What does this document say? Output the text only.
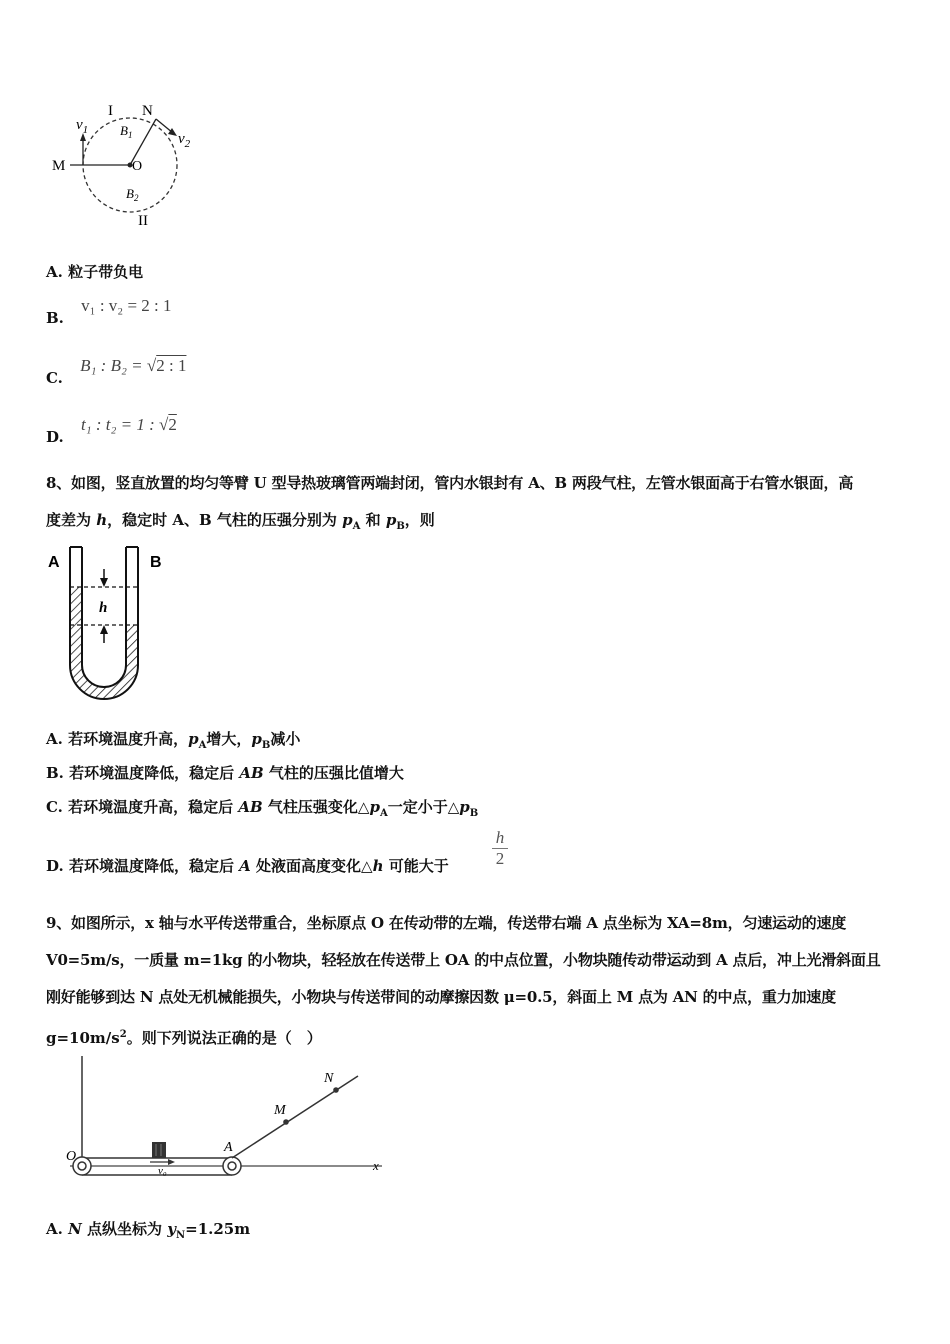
I N
$v_1$ $B_1$	$v_2$
M	O
$B_2$
II
A. 粒子带负电
B. v₁ : v₂ = 2 : 1
C. B₁ : B₂ = √2 : 1
D. t₁ : t₂ = 1 : √2
8、如图，竖直放置的均匀等臂 U 型导热玻璃管两端封闭，管内水银封有 A、B 两段气柱，左管水银面高于右管水银面，高
度差为 h，稳定时 A、B 气柱的压强分别为 $p_A$ 和 $p_B$，则
h
A	B
A. 若环境温度升高，$p_A$增大，$p_B$减小
B. 若环境温度降低，稳定后 AB 气柱的压强比值增大
C. 若环境温度升高，稳定后 AB 气柱压强变化$\triangle p_A$一定小于$\triangle p_B$
D. 若环境温度降低，稳定后 A 处液面高度变化△h 可能大于
h
2
9、如图所示，x 轴与水平传送带重合，坐标原点 O 在传动带的左端，传送带右端 A 点坐标为 XA=8m，匀速运动的速度
V0=5m/s，一质量 m=1kg 的小物块，轻轻放在传送带上 OA 的中点位置，小物块随传动带运动到 A 点后，冲上光滑斜面且
刚好能够到达 N 点处无机械能损失，小物块与传送带间的动摩擦因数 μ=0.5，斜面上 M 点为 AN 的中点，重力加速度
$g=10m/s^2$。则下列说法正确的是（　）
v₀
O
A
M
N
x
A. N 点纵坐标为 $y_N=1.25m$
